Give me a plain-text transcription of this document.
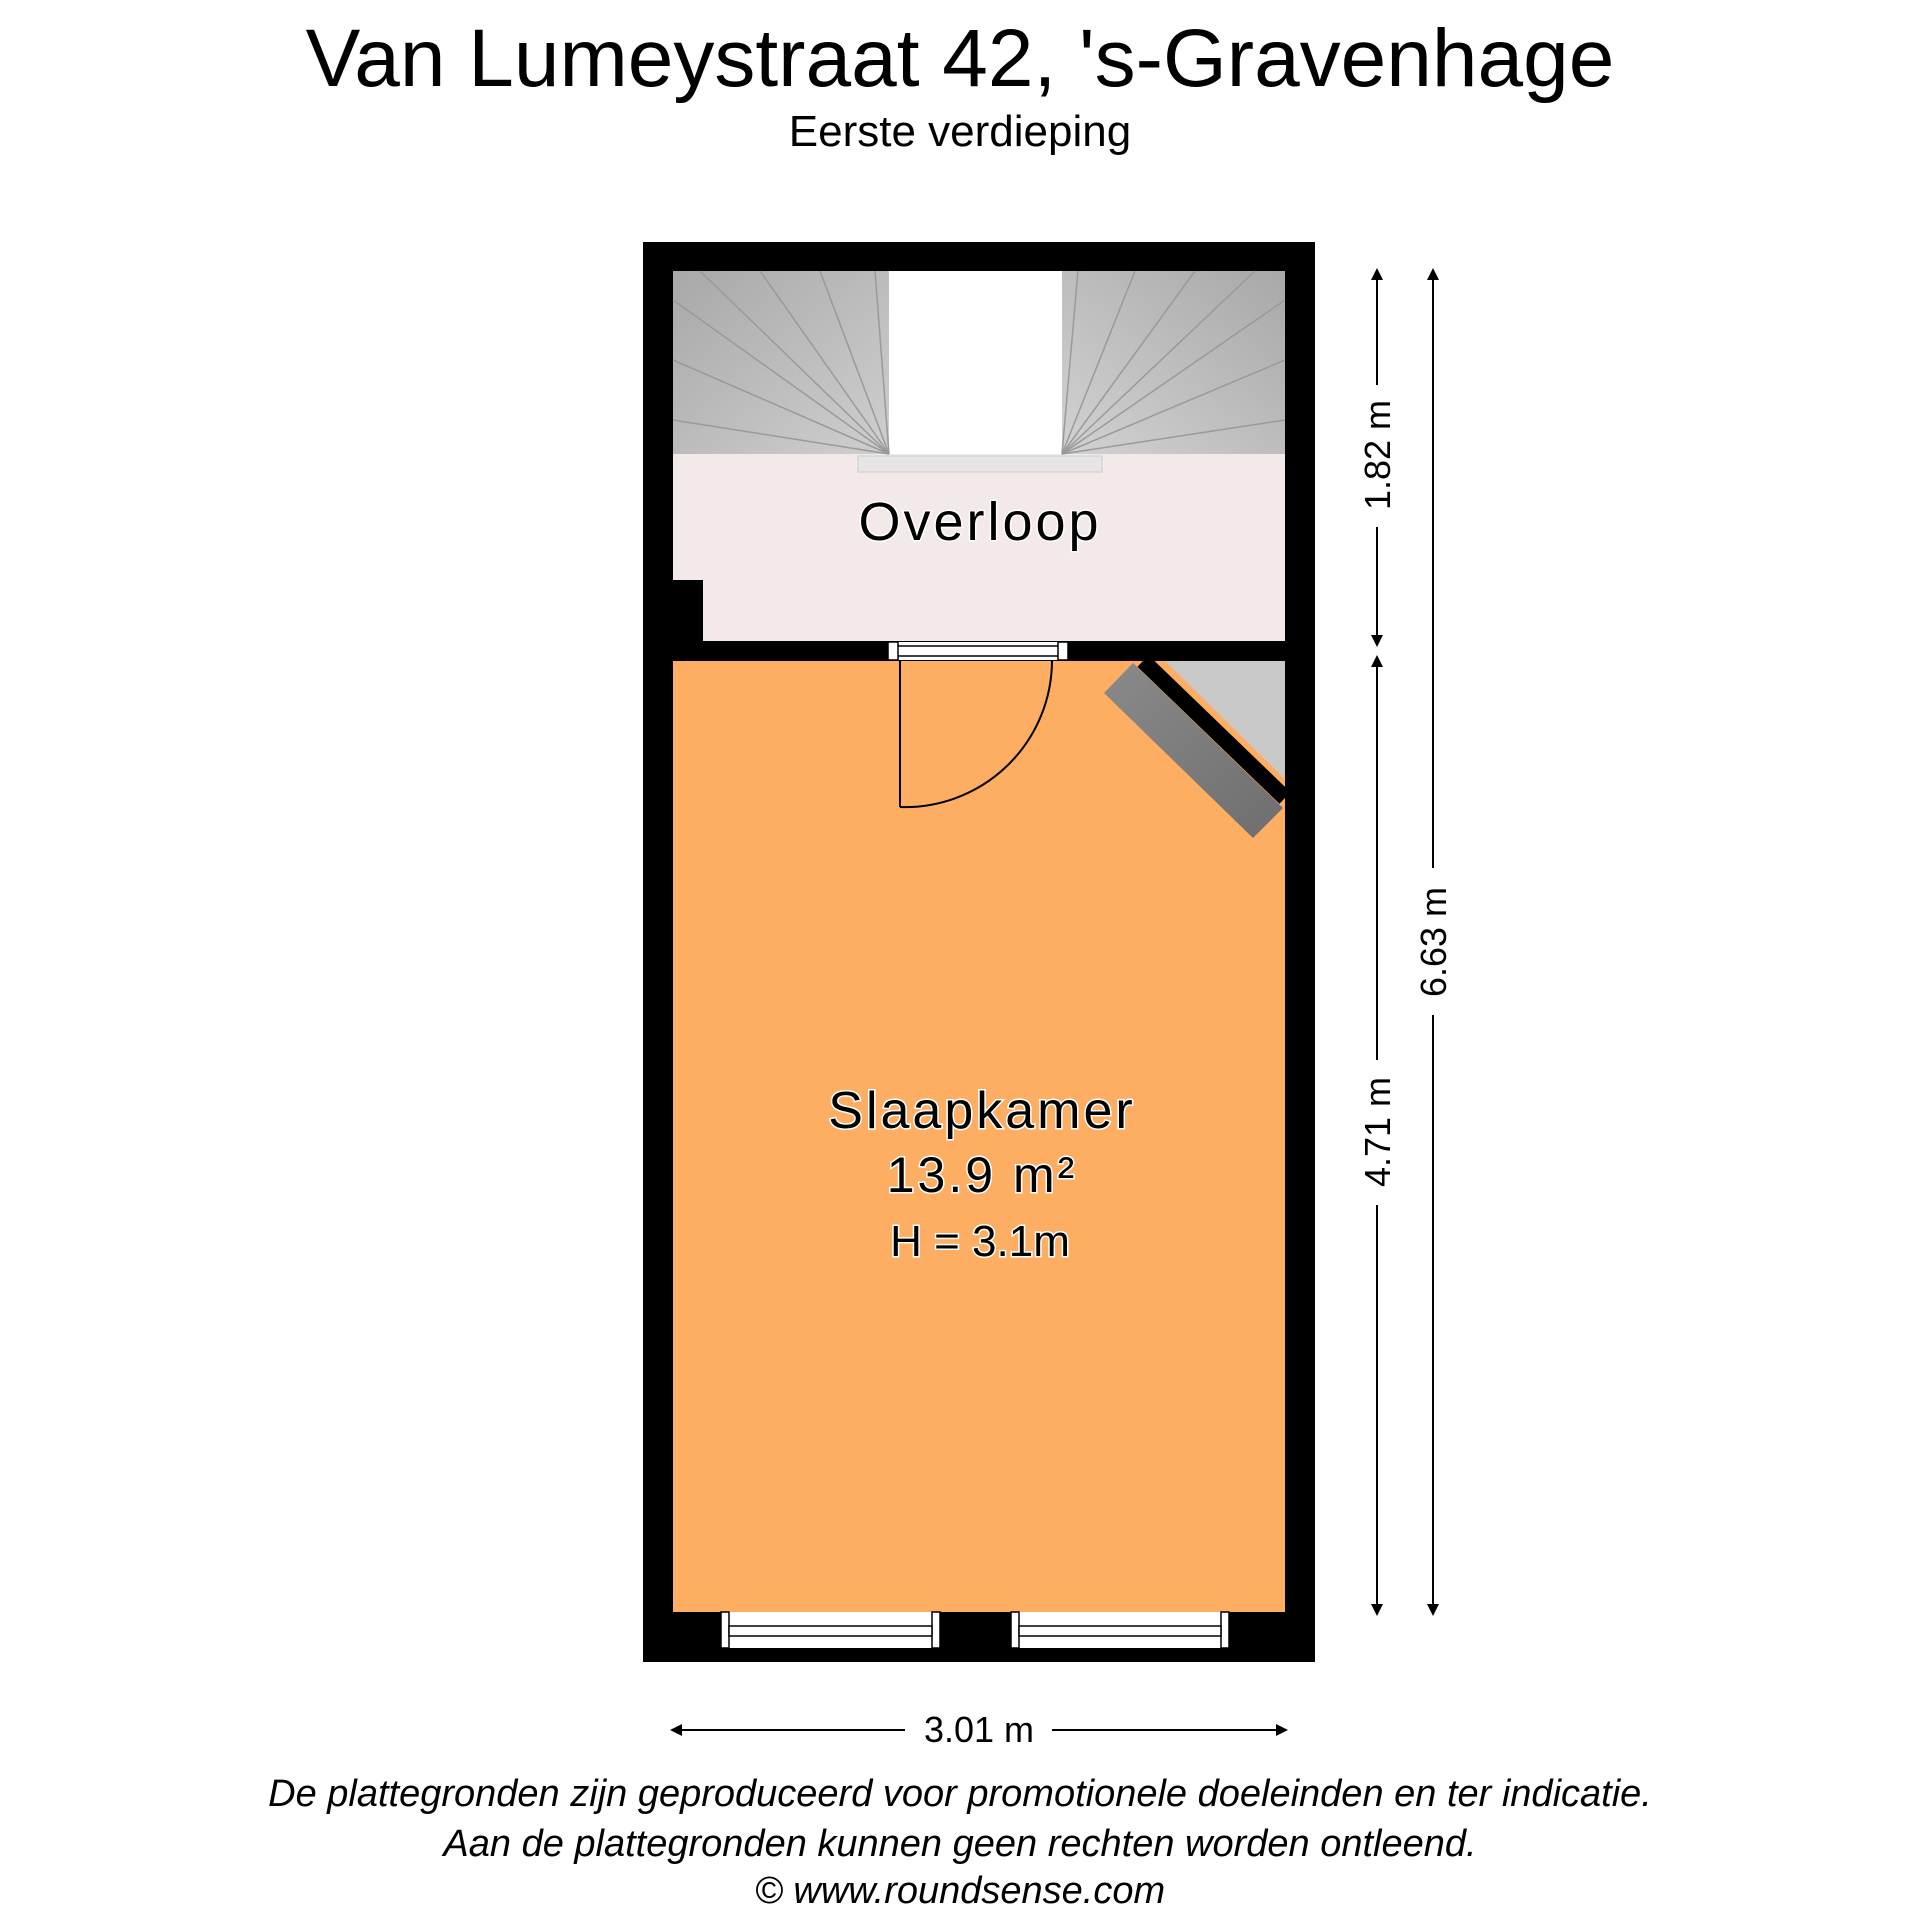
Van Lumeystraat 42, 's-Gravenhage
Eerste verdieping
Overloop
Slaapkamer
13.9 m²
H = 3.1m
1.82 m
4.71 m
6.63 m
3.01 m
De plattegronden zijn geproduceerd voor promotionele doeleinden en ter indicatie.
Aan de plattegronden kunnen geen rechten worden ontleend.
© www.roundsense.com
